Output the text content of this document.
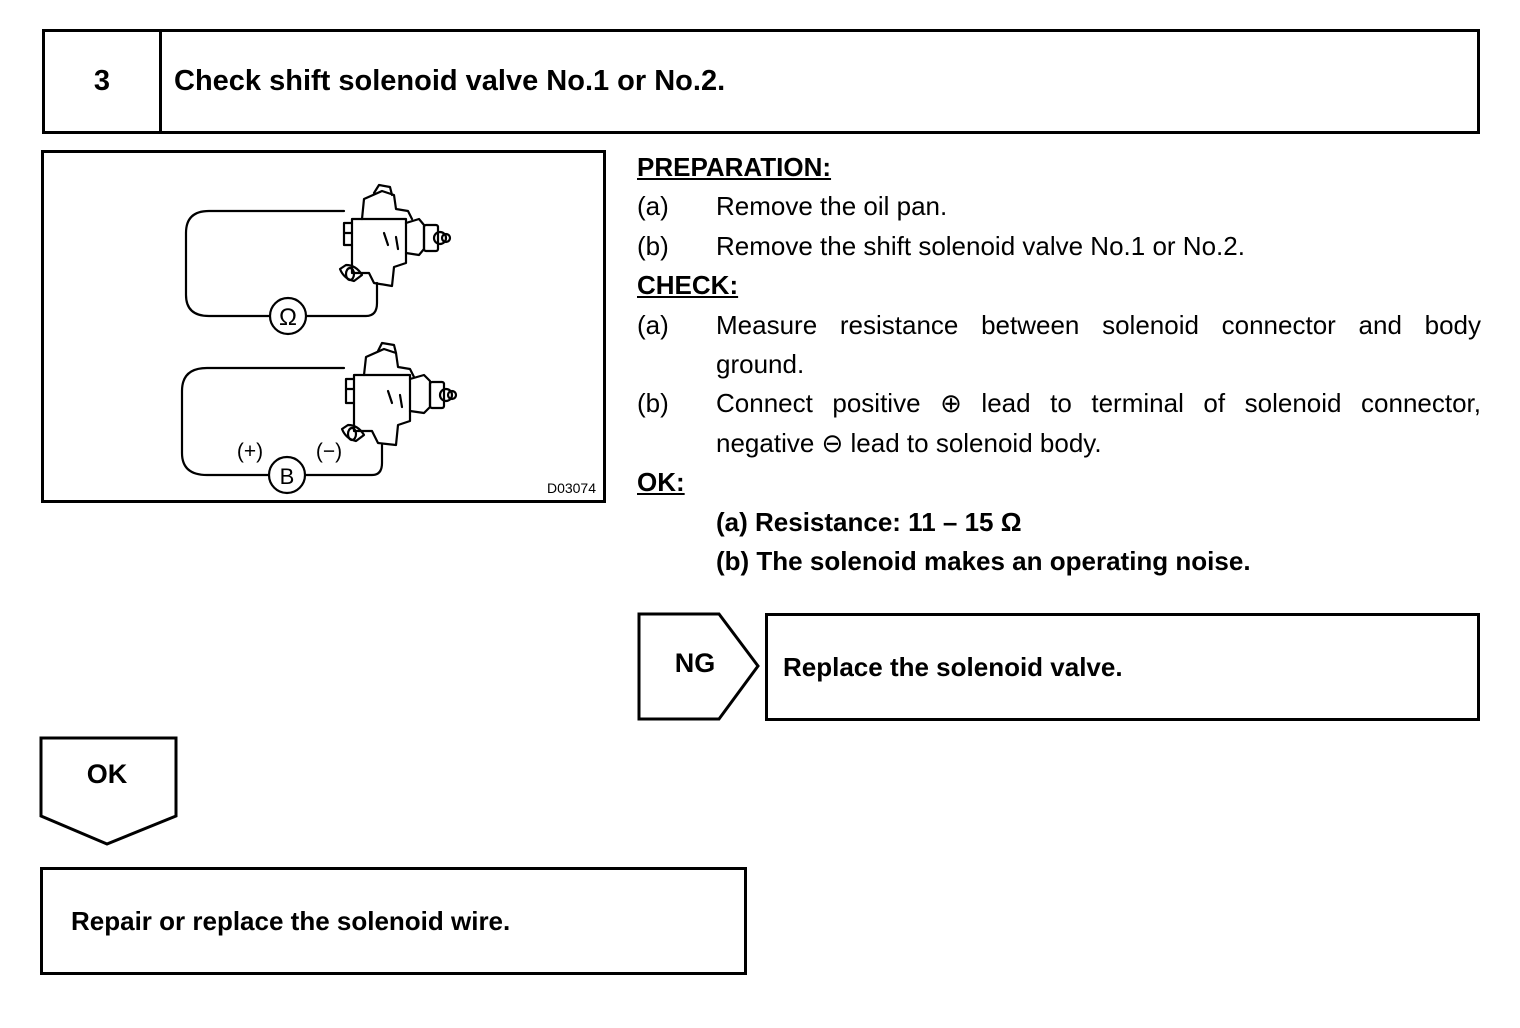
3	Check shift solenoid valve No.1 or No.2.
Ω
B
(+)	(−)
D03074
PREPARATION:
(a)	Remove the oil pan.
(b)	Remove the shift solenoid valve No.1 or No.2.
CHECK:
(a)	Measure resistance between solenoid connector and body ground.
(b)	Connect positive ⊕ lead to terminal of solenoid connector, negative ⊖ lead to solenoid body.
OK:
(a) Resistance: 11 – 15 Ω
(b) The solenoid makes an operating noise.
NG	Replace the solenoid valve.
OK
Repair or replace the solenoid wire.
